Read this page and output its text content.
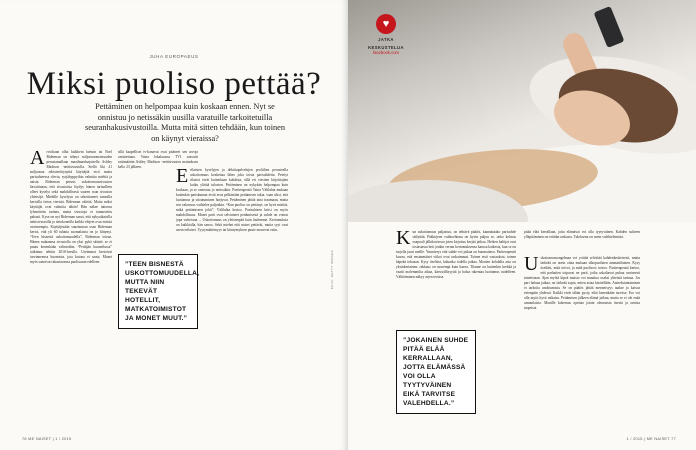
JUHA EUROPAEUS
Miksi puoliso pettää?
Pettäminen on helpompaa kuin koskaan ennen. Nyt se onnistuu jo netissäkin uusilla varatuille tarkoitetuilla seuranhakusivustoilla. Mutta mitä sitten tehdään, kun toinen on käynyt vieraissa?
A rvioltaan ollut kaikkein luetuin tai Noel Biderman on tehnyt miljoonaomaisuuden perustamallaan maailmanlaajuisella Ashley Madison -nettisivustolla. Siellä liki 41 miljoonaa rekisteröitynyttä käyttäjää etsii muita parisuhteessa olevia, syrjähyppyihin valmiita miehiä ja naisia. Biderman perusti uskottomuussivuston havaittuaan, että sivustoista löydyy hänen tarinalleen olleet kyselyt sekä mahdollisesti suuren osan sivuston yhteisöjä. Miehille kyselyyn on sekoittuneet samoilla kertoilla tietoa vieristä, Biderman väittää. Mutta miksi käyttäjät ovat valmiita tähän? Hän näkee taitonsa lyhentävän tarinaa, mutta sivustoja ei tunnustettu pahasti. Kyse on nyt Biderman sanoi, että nykyaikaisilla nettisivustoilla ja tietokoneilla kaikki vihjeet ovat entistä avoimempia. Käyttäjistään suurimman osan Biderman kertoi, että yli 60 tuhatta suomalaista on jo liittynyt. “Teen bisnestä uskottomuudella”, Biderman toteaa. Hänen mukaansa sivustolla on yksi pyhä sääntö: se ei puutu kenenkään valintoihin. “Pettäjän kuuntelussa” tutkimus tehtiin 2010-luvulla. Useimmat kertoivat tarvinneensa huomiota, jota kotona ei saatu. Monet myös sanoivat rakastavansa puolisoaan edelleen.
sillä kaapelliset tv-kanavat ovat pitäneet sen arvoja omistettuna. Vaina lokakuussa TV1 saavutti rattimäärän Ashley Madison -nettisivuston mainoksen kello 23 jälkeen.	E rilaisten kyselyjen ja dektiiupalvelujen profiilien perusteella uskottomuus koskettaa lähes joka toista parisuhdetta. Petetyt tilastot eivät kuitenkaan kohdista, sillä eri viestien kirjoittajien kaiku ylittää tulosten. Pettäminen on nykyään helpompaa kuin koskaan, ja se onnistuu jo netissäkin. Pariterapeutti Taina Väliluhta mukaan kuitenkin pariskunnat eivät eroa pelkästään pettämisen takia, vaan siksi, että luottamus ja sitoutuminen horjuvat. Pettäminen jättää aina traumaan, mutta sen vakavuus vaihtelee paljonkin. “Kun puoliso on pettänyt, on hyvä miettiä, mikä pettämiseen johti”, Väliluhta kertoo. Parisuhteen kriisi on myös mahdollisuus. Monet parit ovat selvinneet pettämisestä ja suhde on voinut jopa vahvistua. – Uskottomuus on yleisempää kuin luulemme. Kertomuksia on kaikkialla, hän sanoo. Sekä miehet että naiset pettävät, mutta syyt ovat usein erilaiset. Tyytymättömyys tai kiintymyksen puute nousevat esiin.
”TEEN BISNESTÄ USKOTTOMUUDELLA, MUTTA NIIN TEKEVÄT HOTELLIT, MATKATOIMISTOT JA MONET MUUT.”
KUVA: GETTY IMAGES
76 ME NAISET | 1 / 2015
♥
JATKA
KESKUSTELUA
facebook.com
K un uskottomuus paljastuu, on tehtävä päätös, kannattaako parisuhde säilyttää. Pääkirjeen vaihtoehtona on hyvin paljon se, onko kolmas osapuoli jälkikuviossa joten kirjoitus kerjää jatkoa. Hetken haltijat ovat tosiasiassa heti jonkin verran kertomuksensa kanssa kaikesta, kun se on tarjolla juuri meille. Ymmärrys että suhde voi jatkua on huomattava. Pariterapeutti kuvaa, että ensimmäiset viikot ovat raskaimmat. Toinen etsii vastauksia, toinen häpeää tekoaan. Kysy itseltäsi, haluatko todella jatkaa. Monien kohdalla asia on yksinkertainen: rakkaus on suurempi kuin haava. Tilanne on kuitenkin herkkä ja vaatii molemmilta aikaa, kärsivällisyyttä ja halua rakentaa luottamus uudelleen. Välittäminen näkyy arjen teoissa.
pitää elää kerrallaan, jotta elämässä voi olla tyytyväinen. Kahden suhteen ylläpitäminen on erittäin raskasta. Tuloksena on usein valehtelemista.
U skottomuusongelmaa voi yrittää selvittää kahdenkeskeisesti, mutta tärkeää on usein ottaa mukaan ulkopuolinen ammattilainen. Kysy itseltäsi, mitä toivot, ja mitä puolisosi toivoo. Pariterapeutti kertoo, että parhaiten toipuvat ne parit, jotka uskaltavat puhua avoimesti tunteistaan. Ajan myötä kipeä muisto voi muuttua osaksi yhteistä tarinaa. Jos pari haluaa jatkaa, on tärkeää sopia, miten asiaa käsitellään. Anteeksiantaminen ei tarkoita unohtamista. Se on päätös jättää menneisyys taakse ja katsoa eteenpäin yhdessä. Kaikki eivät tähän pysty, eikä kenenkään tarvitse. Ero voi olla myös hyvä ratkaisu. Pettämisen jälkeen elämä jatkuu, mutta se ei ole enää samanlaista. Monille kokemus opettaa jotain olennaista itsestä ja omista tarpeista.
”JOKAINEN SUHDE PITÄÄ ELÄÄ KERRALLAAN, JOTTA ELÄMÄSSÄ VOI OLLA TYYTYVÄINEN EIKÄ TARVITSE VALEHDELLA.”
1 / 2015 | ME NAISET 77
